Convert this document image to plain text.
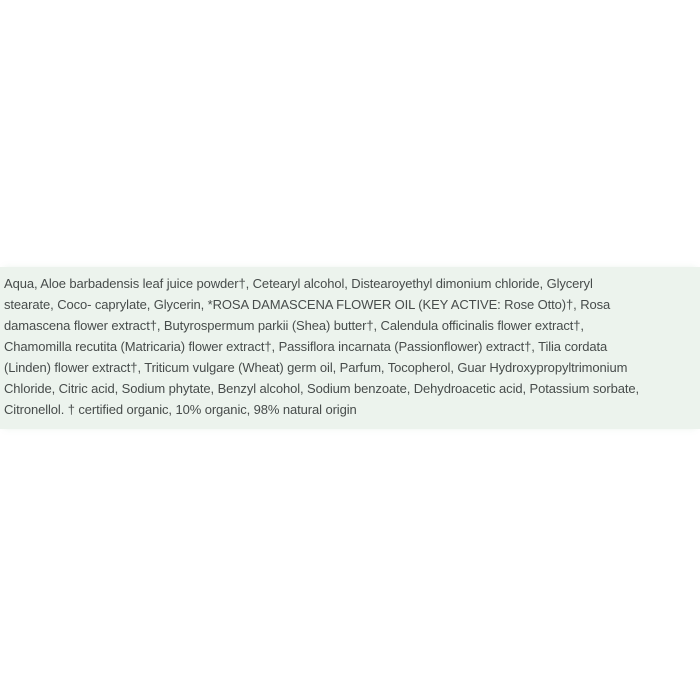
Aqua, Aloe barbadensis leaf juice powder†, Cetearyl alcohol, Distearoyethyl dimonium chloride, Glyceryl
stearate, Coco- caprylate, Glycerin, *ROSA DAMASCENA FLOWER OIL (KEY ACTIVE: Rose Otto)†, Rosa
damascena flower extract†, Butyrospermum parkii (Shea) butter†, Calendula officinalis flower extract†,
Chamomilla recutita (Matricaria) flower extract†, Passiflora incarnata (Passionflower) extract†, Tilia cordata
(Linden) flower extract†, Triticum vulgare (Wheat) germ oil, Parfum, Tocopherol, Guar Hydroxypropyltrimonium
Chloride, Citric acid, Sodium phytate, Benzyl alcohol, Sodium benzoate, Dehydroacetic acid, Potassium sorbate,
Citronellol. † certified organic, 10% organic, 98% natural origin
